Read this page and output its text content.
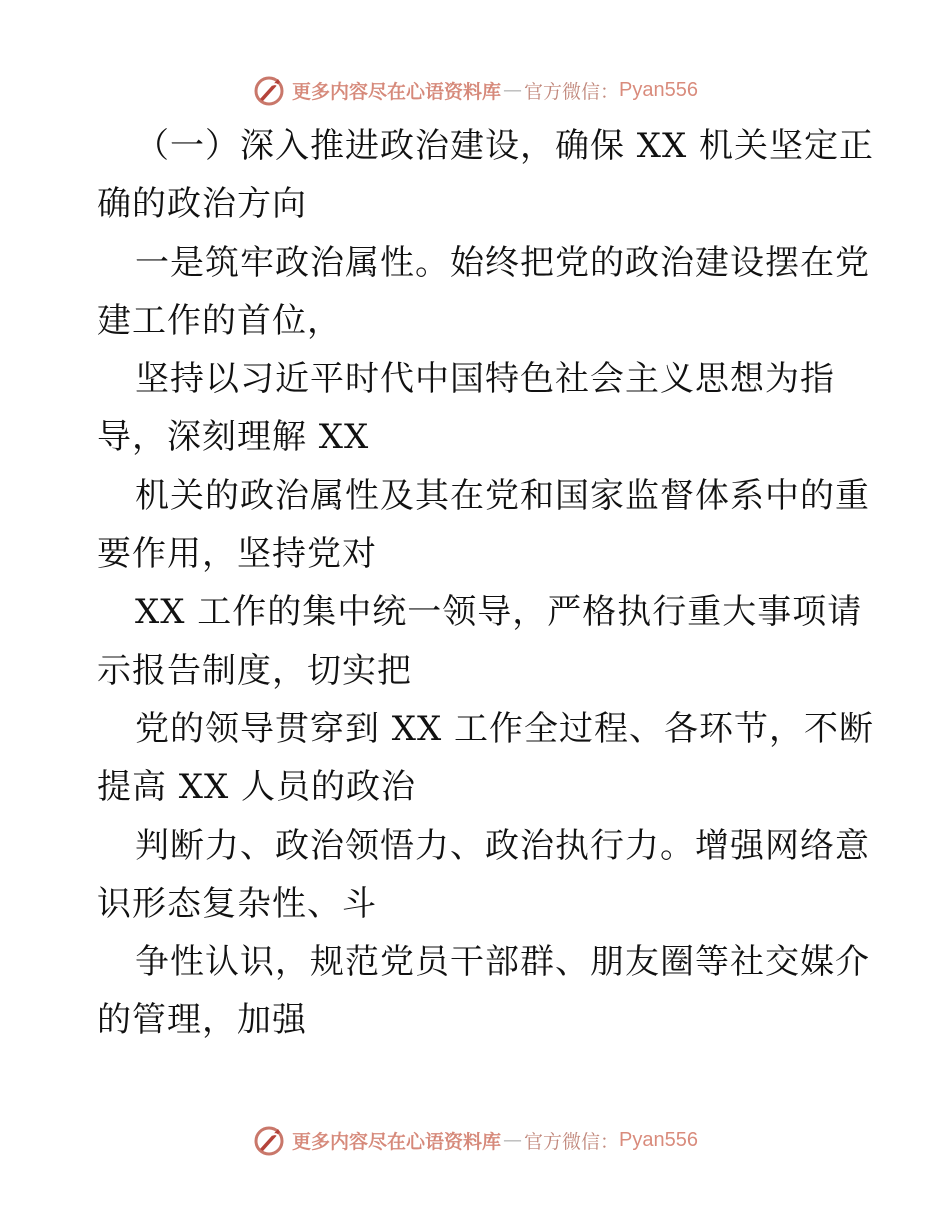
更多内容尽在心语资料库 — 官方微信： Pyan556
（一）深入推进政治建设，确保 XX 机关坚定正
确的政治方向
一是筑牢政治属性。始终把党的政治建设摆在党
建工作的首位，
坚持以习近平时代中国特色社会主义思想为指
导，深刻理解 XX
机关的政治属性及其在党和国家监督体系中的重
要作用，坚持党对
XX 工作的集中统一领导，严格执行重大事项请
示报告制度，切实把
党的领导贯穿到 XX 工作全过程、各环节，不断
提高 XX 人员的政治
判断力、政治领悟力、政治执行力。增强网络意
识形态复杂性、斗
争性认识，规范党员干部群、朋友圈等社交媒介
的管理，加强
更多内容尽在心语资料库 — 官方微信： Pyan556
